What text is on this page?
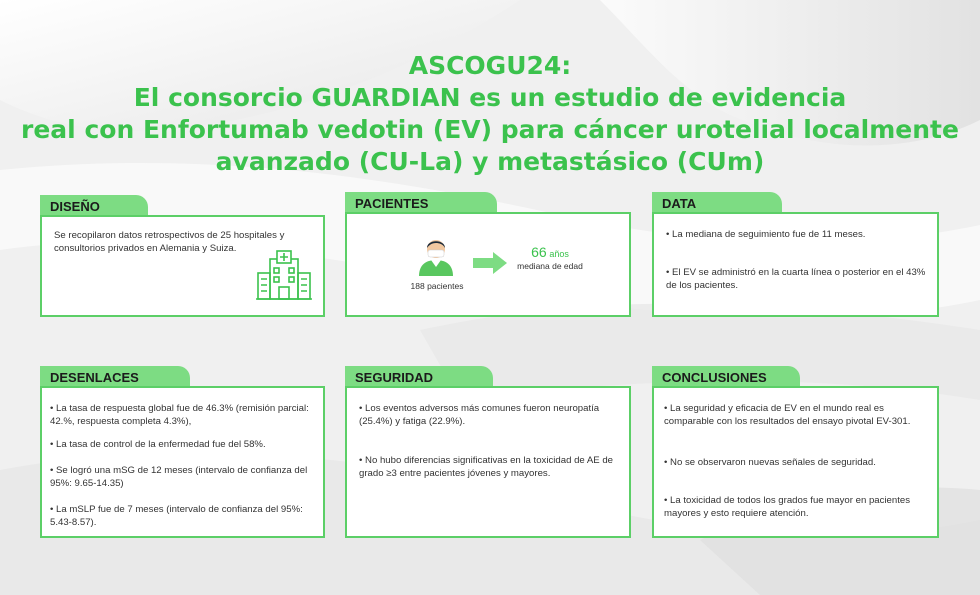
ASCOGU24:
El consorcio GUARDIAN es un estudio de evidencia
real con Enfortumab vedotin (EV) para cáncer urotelial localmente
avanzado (CU-La) y metastásico (CUm)
DISEÑO

Se recopilaron datos retrospectivos de 25 hospitales y consultorios privados en Alemania y Suiza.

PACIENTES

188 pacientes

66 años
mediana de edad
DATA

• La mediana de seguimiento fue de 11 meses.

• El EV se administró en la cuarta línea o posterior en el 43% de los pacientes.

DESENLACES

• La tasa de respuesta global fue de 46.3% (remisión parcial: 42.%, respuesta completa 4.3%),

• La tasa de control de la enfermedad fue del 58%.

• Se logró una mSG de 12 meses (intervalo de confianza del 95%: 9.65-14.35)

• La mSLP fue de 7 meses (intervalo de confianza del 95%: 5.43-8.57).

SEGURIDAD

• Los eventos adversos más comunes fueron neuropatía (25.4%) y fatiga (22.9%).

• No hubo diferencias significativas en la toxicidad de AE de grado ≥3 entre pacientes jóvenes y mayores.

CONCLUSIONES

• La seguridad y eficacia de EV en el mundo real es comparable con los resultados del ensayo pivotal EV-301.

• No se observaron nuevas señales de seguridad.

• La toxicidad de todos los grados fue mayor en pacientes mayores y esto requiere atención.
